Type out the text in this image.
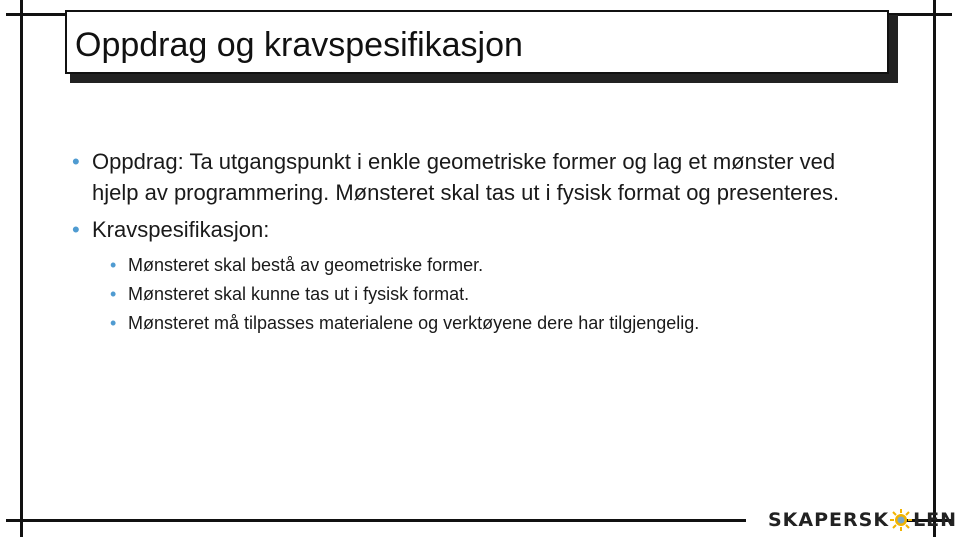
Oppdrag og kravspesifikasjon
• Oppdrag: Ta utgangspunkt i enkle geometriske former og lag et mønster ved hjelp av programmering. Mønsteret skal tas ut i fysisk format og presenteres.
• Kravspesifikasjon:
• Mønsteret skal bestå av geometriske former.
• Mønsteret skal kunne tas ut i fysisk format.
• Mønsteret må tilpasses materialene og verktøyene dere har tilgjengelig.
SKAPERSK LEN
